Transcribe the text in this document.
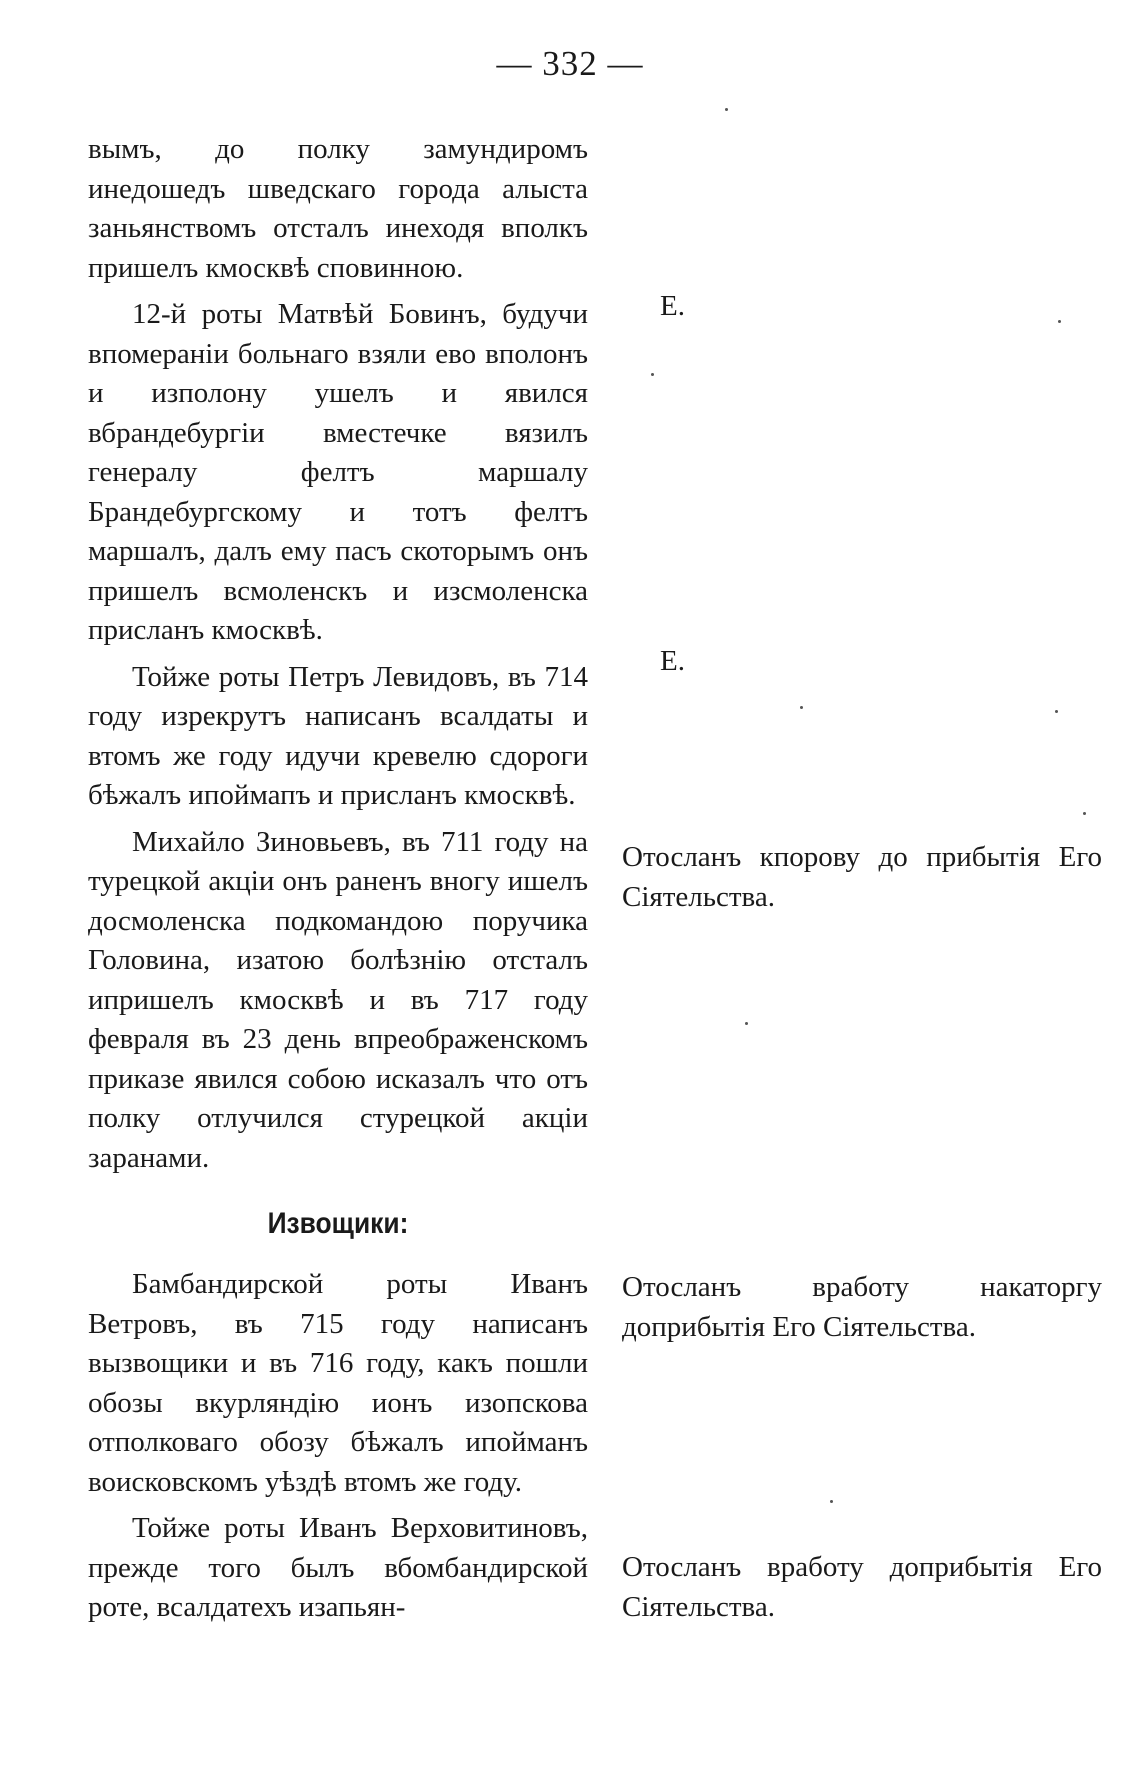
— 332 —

вымъ, до полку замундиромъ инедошедъ шведскаго города алыста заньянствомъ отсталъ инеходя вполкъ пришелъ кмосквѣ сповинною.

12-й роты Матвѣй Бовинъ, будучи впомераніи больнаго взяли ево вполонъ и изполону ушелъ и явился вбрандебургіи вместечке вязилъ генералу фелтъ маршалу Брандебургскому и тотъ фелтъ маршалъ, далъ ему пасъ скоторымъ онъ пришелъ всмоленскъ и изсмоленска присланъ кмосквѣ.

Тойже роты Петръ Левидовъ, въ 714 году изрекрутъ написанъ всалдаты и втомъ же году идучи кревелю сдороги бѣжалъ ипоймапъ и присланъ кмосквѣ.

Михайло Зиновьевъ, въ 711 году на турецкой акціи онъ раненъ вногу ишелъ досмоленска подкомандою поручика Головина, изатою болѣзнію отсталъ ипришелъ кмосквѣ и въ 717 году февраля въ 23 день впреображенскомъ приказе явился собою исказалъ что отъ полку отлучился стурецкой акціи заранами.

Извощики:

Бамбандирской роты Иванъ Ветровъ, въ 715 году написанъ вызвощики и въ 716 году, какъ пошли обозы вкурляндію ионъ изопскова отполковаго обозу бѣжалъ ипойманъ воисковскомъ уѣздѣ втомъ же году.

Тойже роты Иванъ Верховитиновъ, прежде того былъ вбомбандирской роте, всалдатехъ изапьян-

Е.
Е.
Отосланъ кпорову до прибытія Его Сіятельства.
Отосланъ вработу накаторгу доприбытія Его Сіятельства.
Отосланъ вработу доприбытія Его Сіятельства.
